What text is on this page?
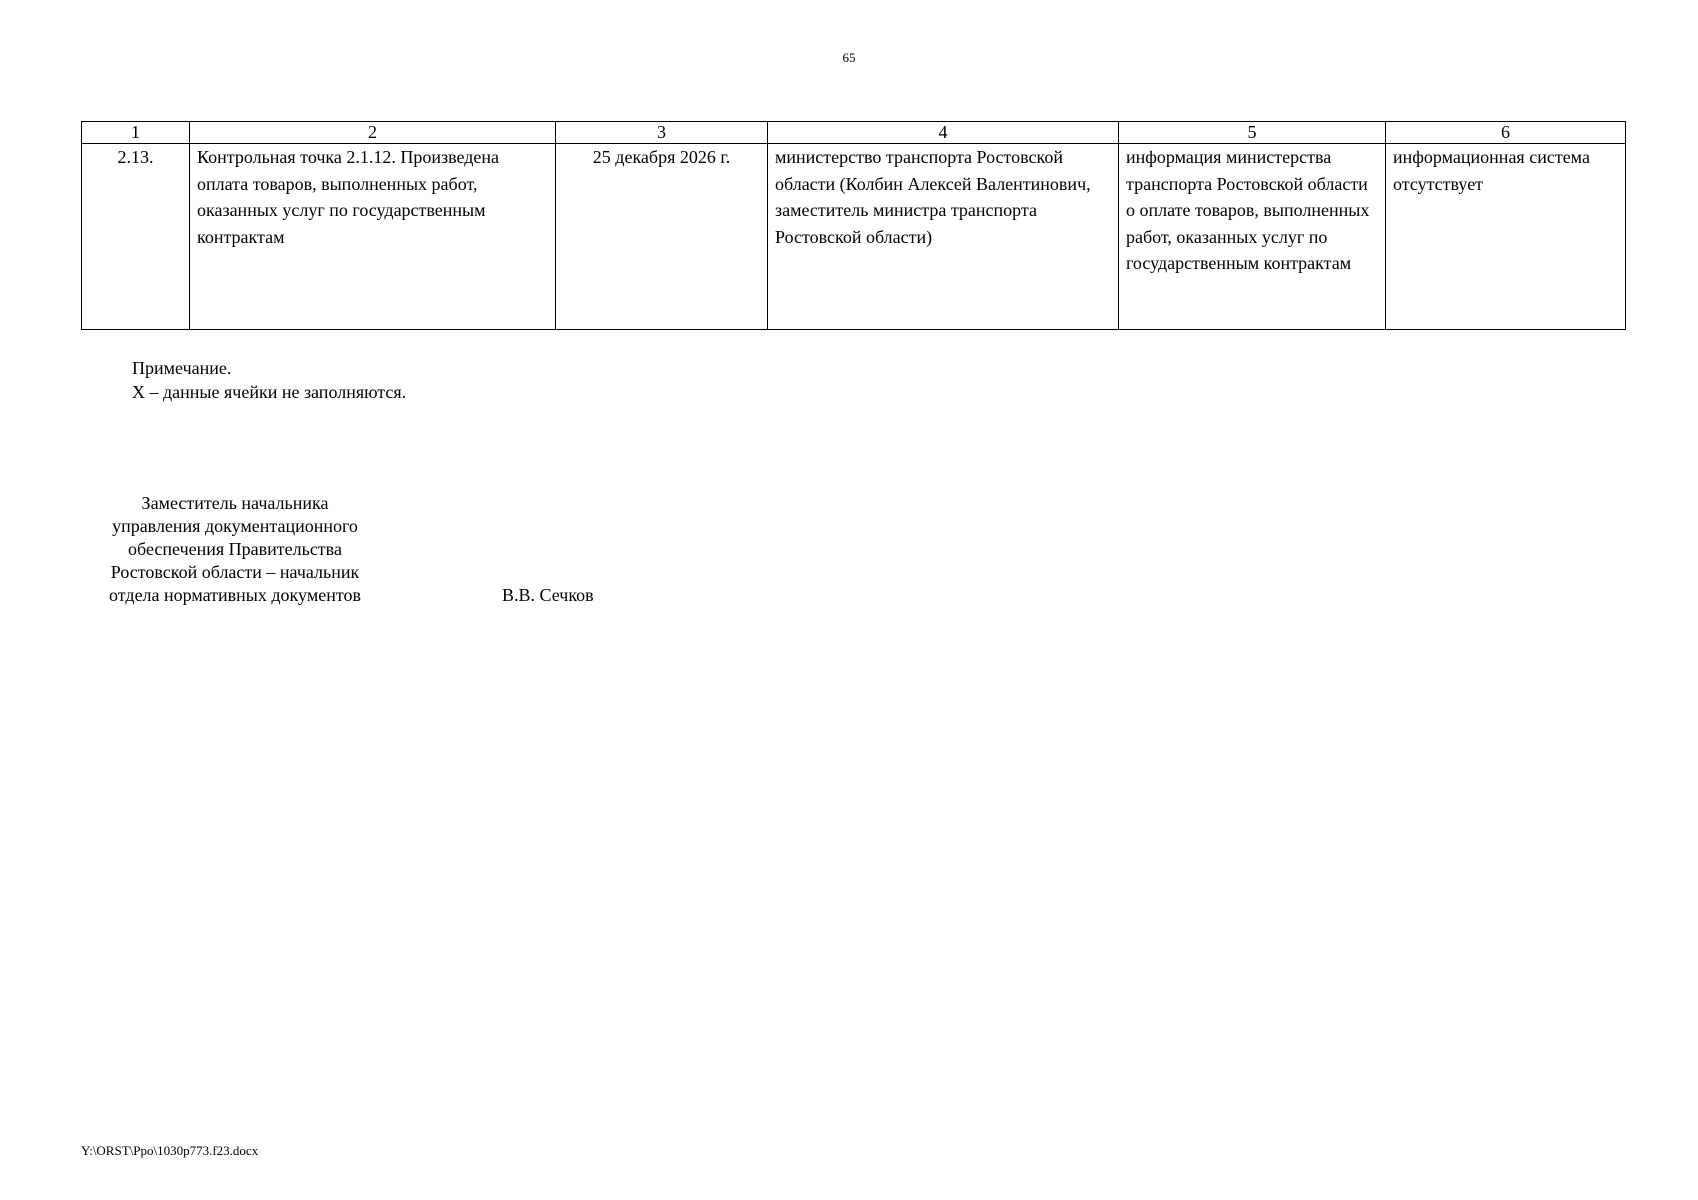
65
1	2	3	4	5	6
2.13.	Контрольная точка 2.1.12. Произведена оплата товаров, выполненных работ, оказанных услуг по государственным контрактам	25 декабря 2026 г.	министерство транспорта Ростовской области (Колбин Алексей Валентинович, заместитель министра транспорта Ростовской области)	информация министерства транспорта Ростовской области о оплате товаров, выполненных работ, оказанных услуг по государственным контрактам	информационная система отсутствует
Примечание.
Х – данные ячейки не заполняются.
Заместитель начальника
управления документационного
обеспечения Правительства
Ростовской области – начальник
отдела нормативных документов	В.В. Сечков
Y:\ORST\Ppo\1030p773.f23.docx
